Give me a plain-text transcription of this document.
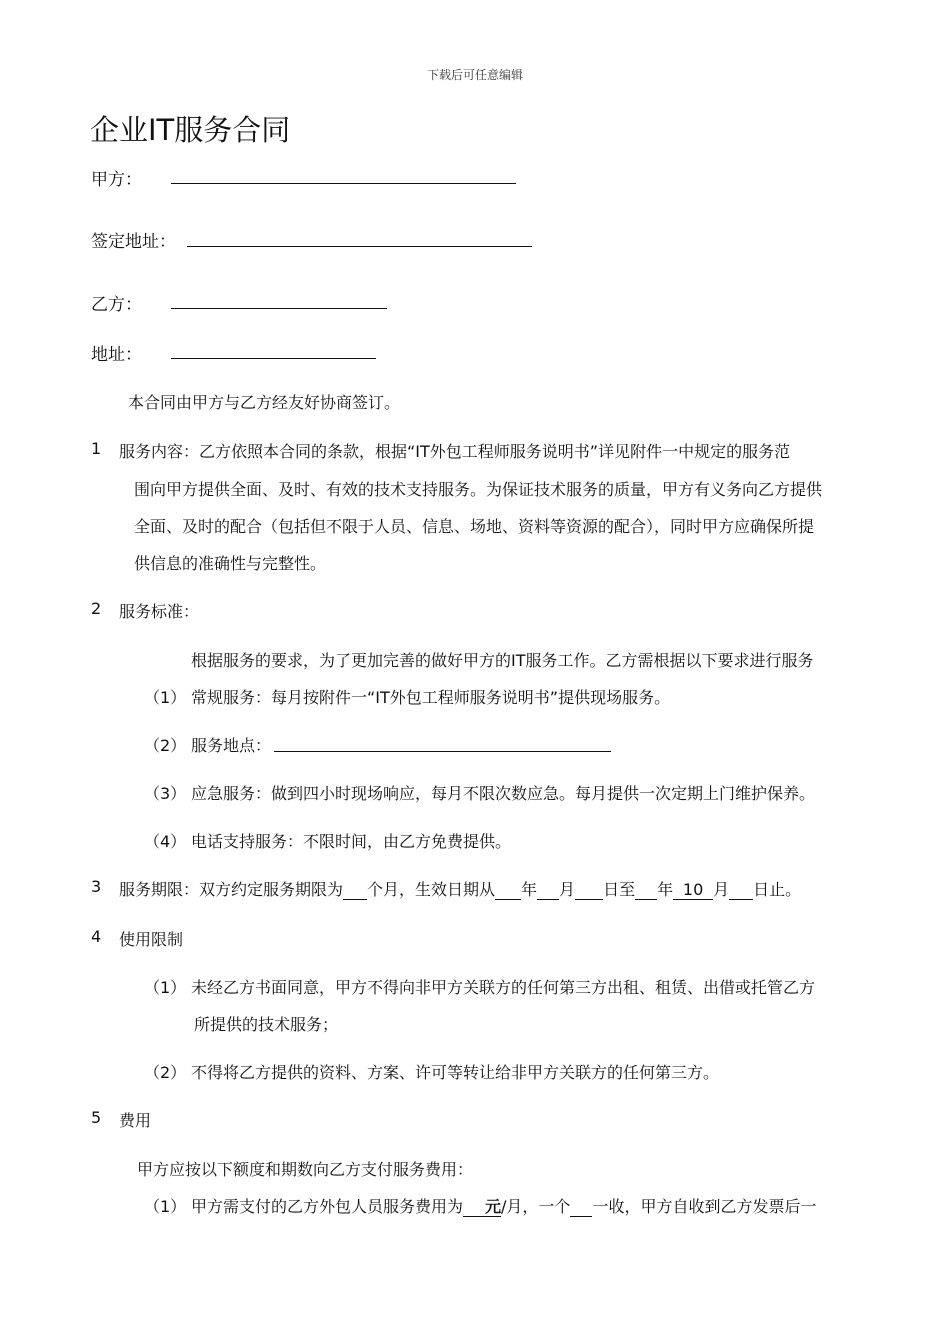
下载后可任意编辑
企业IT服务合同
甲方：
签定地址：
乙方：
地址：
本合同由甲方与乙方经友好协商签订。
1 服务内容：乙方依照本合同的条款，根据“IT外包工程师服务说明书”详见附件一中规定的服务范
围向甲方提供全面、及时、有效的技术支持服务。为保证技术服务的质量，甲方有义务向乙方提供
全面、及时的配合（包括但不限于人员、信息、场地、资料等资源的配合），同时甲方应确保所提
供信息的准确性与完整性。
2 服务标准：
根据服务的要求，为了更加完善的做好甲方的IT服务工作。乙方需根据以下要求进行服务
（1） 常规服务：每月按附件一“IT外包工程师服务说明书”提供现场服务。
（2） 服务地点：
（3） 应急服务：做到四小时现场响应，每月不限次数应急。每月提供一次定期上门维护保养。
（4） 电话支持服务：不限时间，由乙方免费提供。
3 服务期限：双方约定服务期限为 个月，生效日期从 年 月 日至 年 10 月 日止。
4 使用限制
（1） 未经乙方书面同意，甲方不得向非甲方关联方的任何第三方出租、租赁、出借或托管乙方
所提供的技术服务；
（2） 不得将乙方提供的资料、方案、许可等转让给非甲方关联方的任何第三方。
5 费用
甲方应按以下额度和期数向乙方支付服务费用：
（1） 甲方需支付的乙方外包人员服务费用为 元/月，一个 一收，甲方自收到乙方发票后一
